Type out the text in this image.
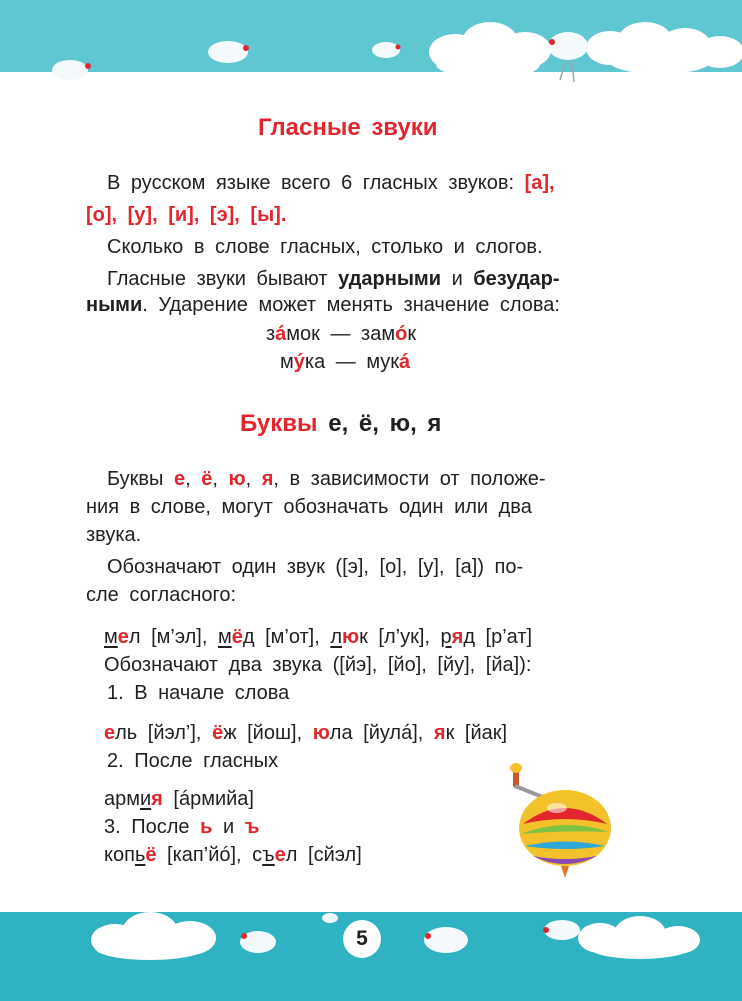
Гласные звуки

В русском языке всего 6 гласных звуков: [а],

[о], [у], [и], [э], [ы].

Сколько в слове гласных, столько и слогов.

Гласные звуки бывают ударными и безудар-

ными. Ударение может менять значение слова:

зáмок — замóк

мýка — мукá

Буквы е, ё, ю, я

Буквы е, ё, ю, я, в зависимости от положе-

ния в слове, могут обозначать один или два

звука.

Обозначают один звук ([э], [о], [у], [а]) по-

сле согласного:

мел [м’эл], мёд [м’от], люк [л’ук], ряд [р’ат]

Обозначают два звука ([йэ], [йо], [йу], [йа]):

1. В начале слова

ель [йэл’], ёж [йош], юла [йулá], як [йак]

2. После гласных

армия [áрмийа]

3. После ь и ъ

копьё [кап’йó], съел [сйэл]

5
